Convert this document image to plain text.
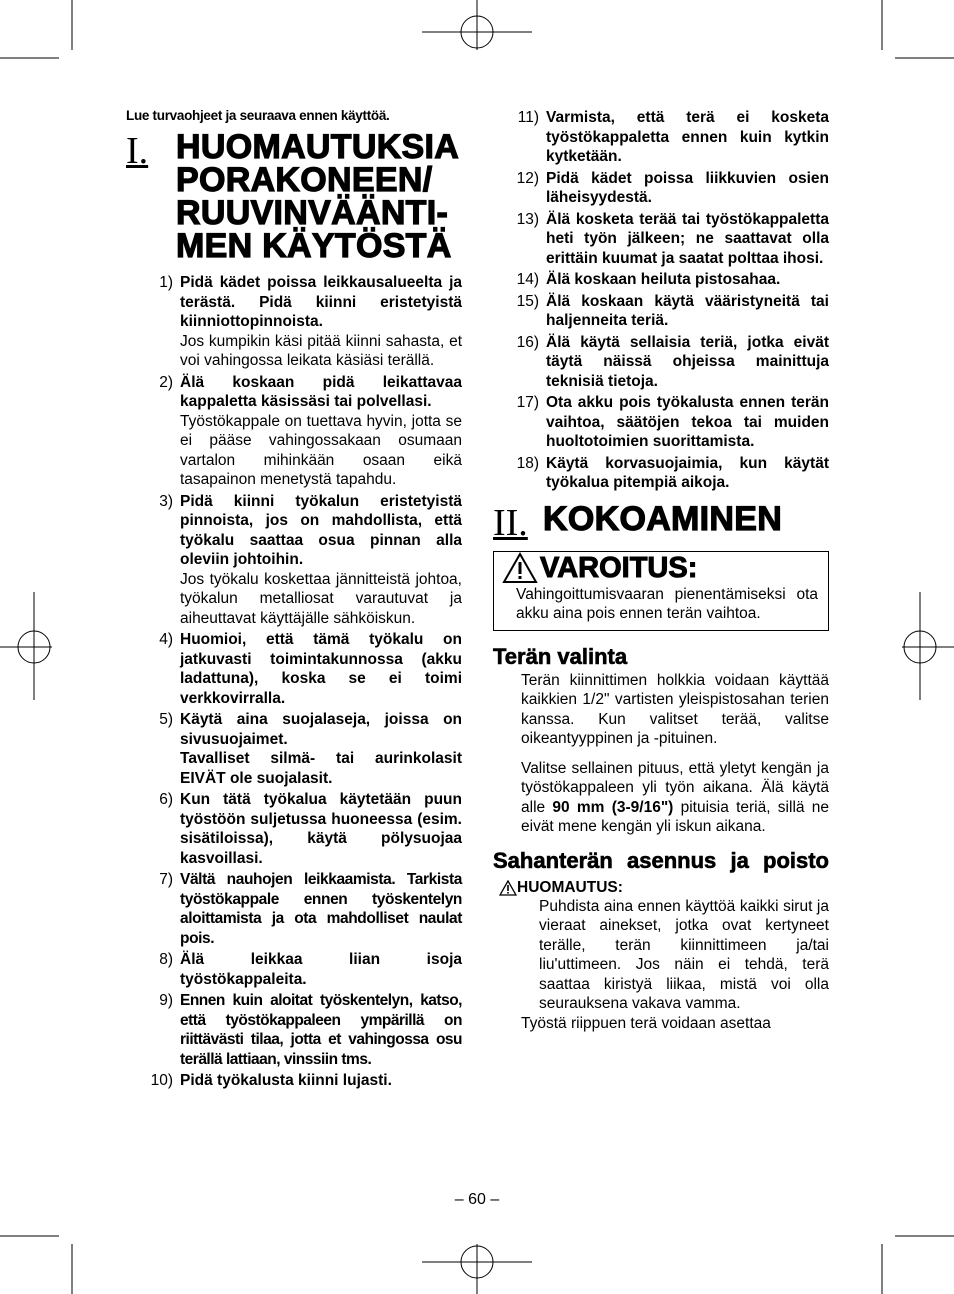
Lue turvaohjeet ja seuraava ennen käyttöä.

I. HUOMAUTUKSIA
PORAKONEEN/
RUUVINVÄÄNTI-
MEN KÄYTÖSTÄ
1) Pidä kädet poissa leikkausalueelta ja terästä. Pidä kiinni eristetyistä kiinniottopinnoista.
Jos kumpikin käsi pitää kiinni sahasta, et voi vahingossa leikata käsiäsi terällä.
2) Älä koskaan pidä leikattavaa kappaletta käsissäsi tai polvellasi.
Työstökappale on tuettava hyvin, jotta se ei pääse vahingossakaan osumaan vartalon mihinkään osaan eikä tasapainon menetystä tapahdu.
3) Pidä kiinni työkalun eristetyistä pinnoista, jos on mahdollista, että työkalu saattaa osua pinnan alla oleviin johtoihin.
Jos työkalu koskettaa jännitteistä johtoa, työkalun metalliosat varautuvat ja aiheuttavat käyttäjälle sähköiskun.
4) Huomioi, että tämä työkalu on jatkuvasti toimintakunnossa (akku ladattuna), koska se ei toimi verkkovirralla.
5) Käytä aina suojalaseja, joissa on sivusuojaimet.
Tavalliset silmä- tai aurinkolasit EIVÄT ole suojalasit.
6) Kun tätä työkalua käytetään puun työstöön suljetussa huoneessa (esim. sisätiloissa), käytä pölysuojaa kasvoillasi.
7) Vältä nauhojen leikkaamista. Tarkista työstökappale ennen työskentelyn aloittamista ja ota mahdolliset naulat pois.
8) Älä leikkaa liian isoja työstökappaleita.
9) Ennen kuin aloitat työskentelyn, katso, että työstökappaleen ympärillä on riittävästi tilaa, jotta et vahingossa osu terällä lattiaan, vinssiin tms.
10) Pidä työkalusta kiinni lujasti.
11) Varmista, että terä ei kosketa työstökappaletta ennen kuin kytkin kytketään.
12) Pidä kädet poissa liikkuvien osien läheisyydestä.
13) Älä kosketa terää tai työstökappaletta heti työn jälkeen; ne saattavat olla erittäin kuumat ja saatat polttaa ihosi.
14) Älä koskaan heiluta pistosahaa.
15) Älä koskaan käytä vääristyneitä tai haljenneita teriä.
16) Älä käytä sellaisia teriä, jotka eivät täytä näissä ohjeissa mainittuja teknisiä tietoja.
17) Ota akku pois työkalusta ennen terän vaihtoa, säätöjen tekoa tai muiden huoltotoimien suorittamista.
18) Käytä korvasuojaimia, kun käytät työkalua pitempiä aikoja.
II. KOKOAMINEN
VAROITUS:
Vahingoittumisvaaran pienentämiseksi ota akku aina pois ennen terän vaihtoa.
Terän valinta
Terän kiinnittimen holkkia voidaan käyttää kaikkien 1/2" vartisten yleispistosahan terien kanssa. Kun valitset terää, valitse oikeantyyppinen ja -pituinen.
Valitse sellainen pituus, että yletyt kengän ja työstökappaleen yli työn aikana. Älä käytä alle 90 mm (3-9/16") pituisia teriä, sillä ne eivät mene kengän yli iskun aikana.
Sahanterän asennus ja poisto
HUOMAUTUS:
Puhdista aina ennen käyttöä kaikki sirut ja vieraat ainekset, jotka ovat kertyneet terälle, terän kiinnittimeen ja/tai liu'uttimeen. Jos näin ei tehdä, terä saattaa kiristyä liikaa, mistä voi olla seurauksena vakava vamma.
Työstä riippuen terä voidaan asettaa
– 60 –
